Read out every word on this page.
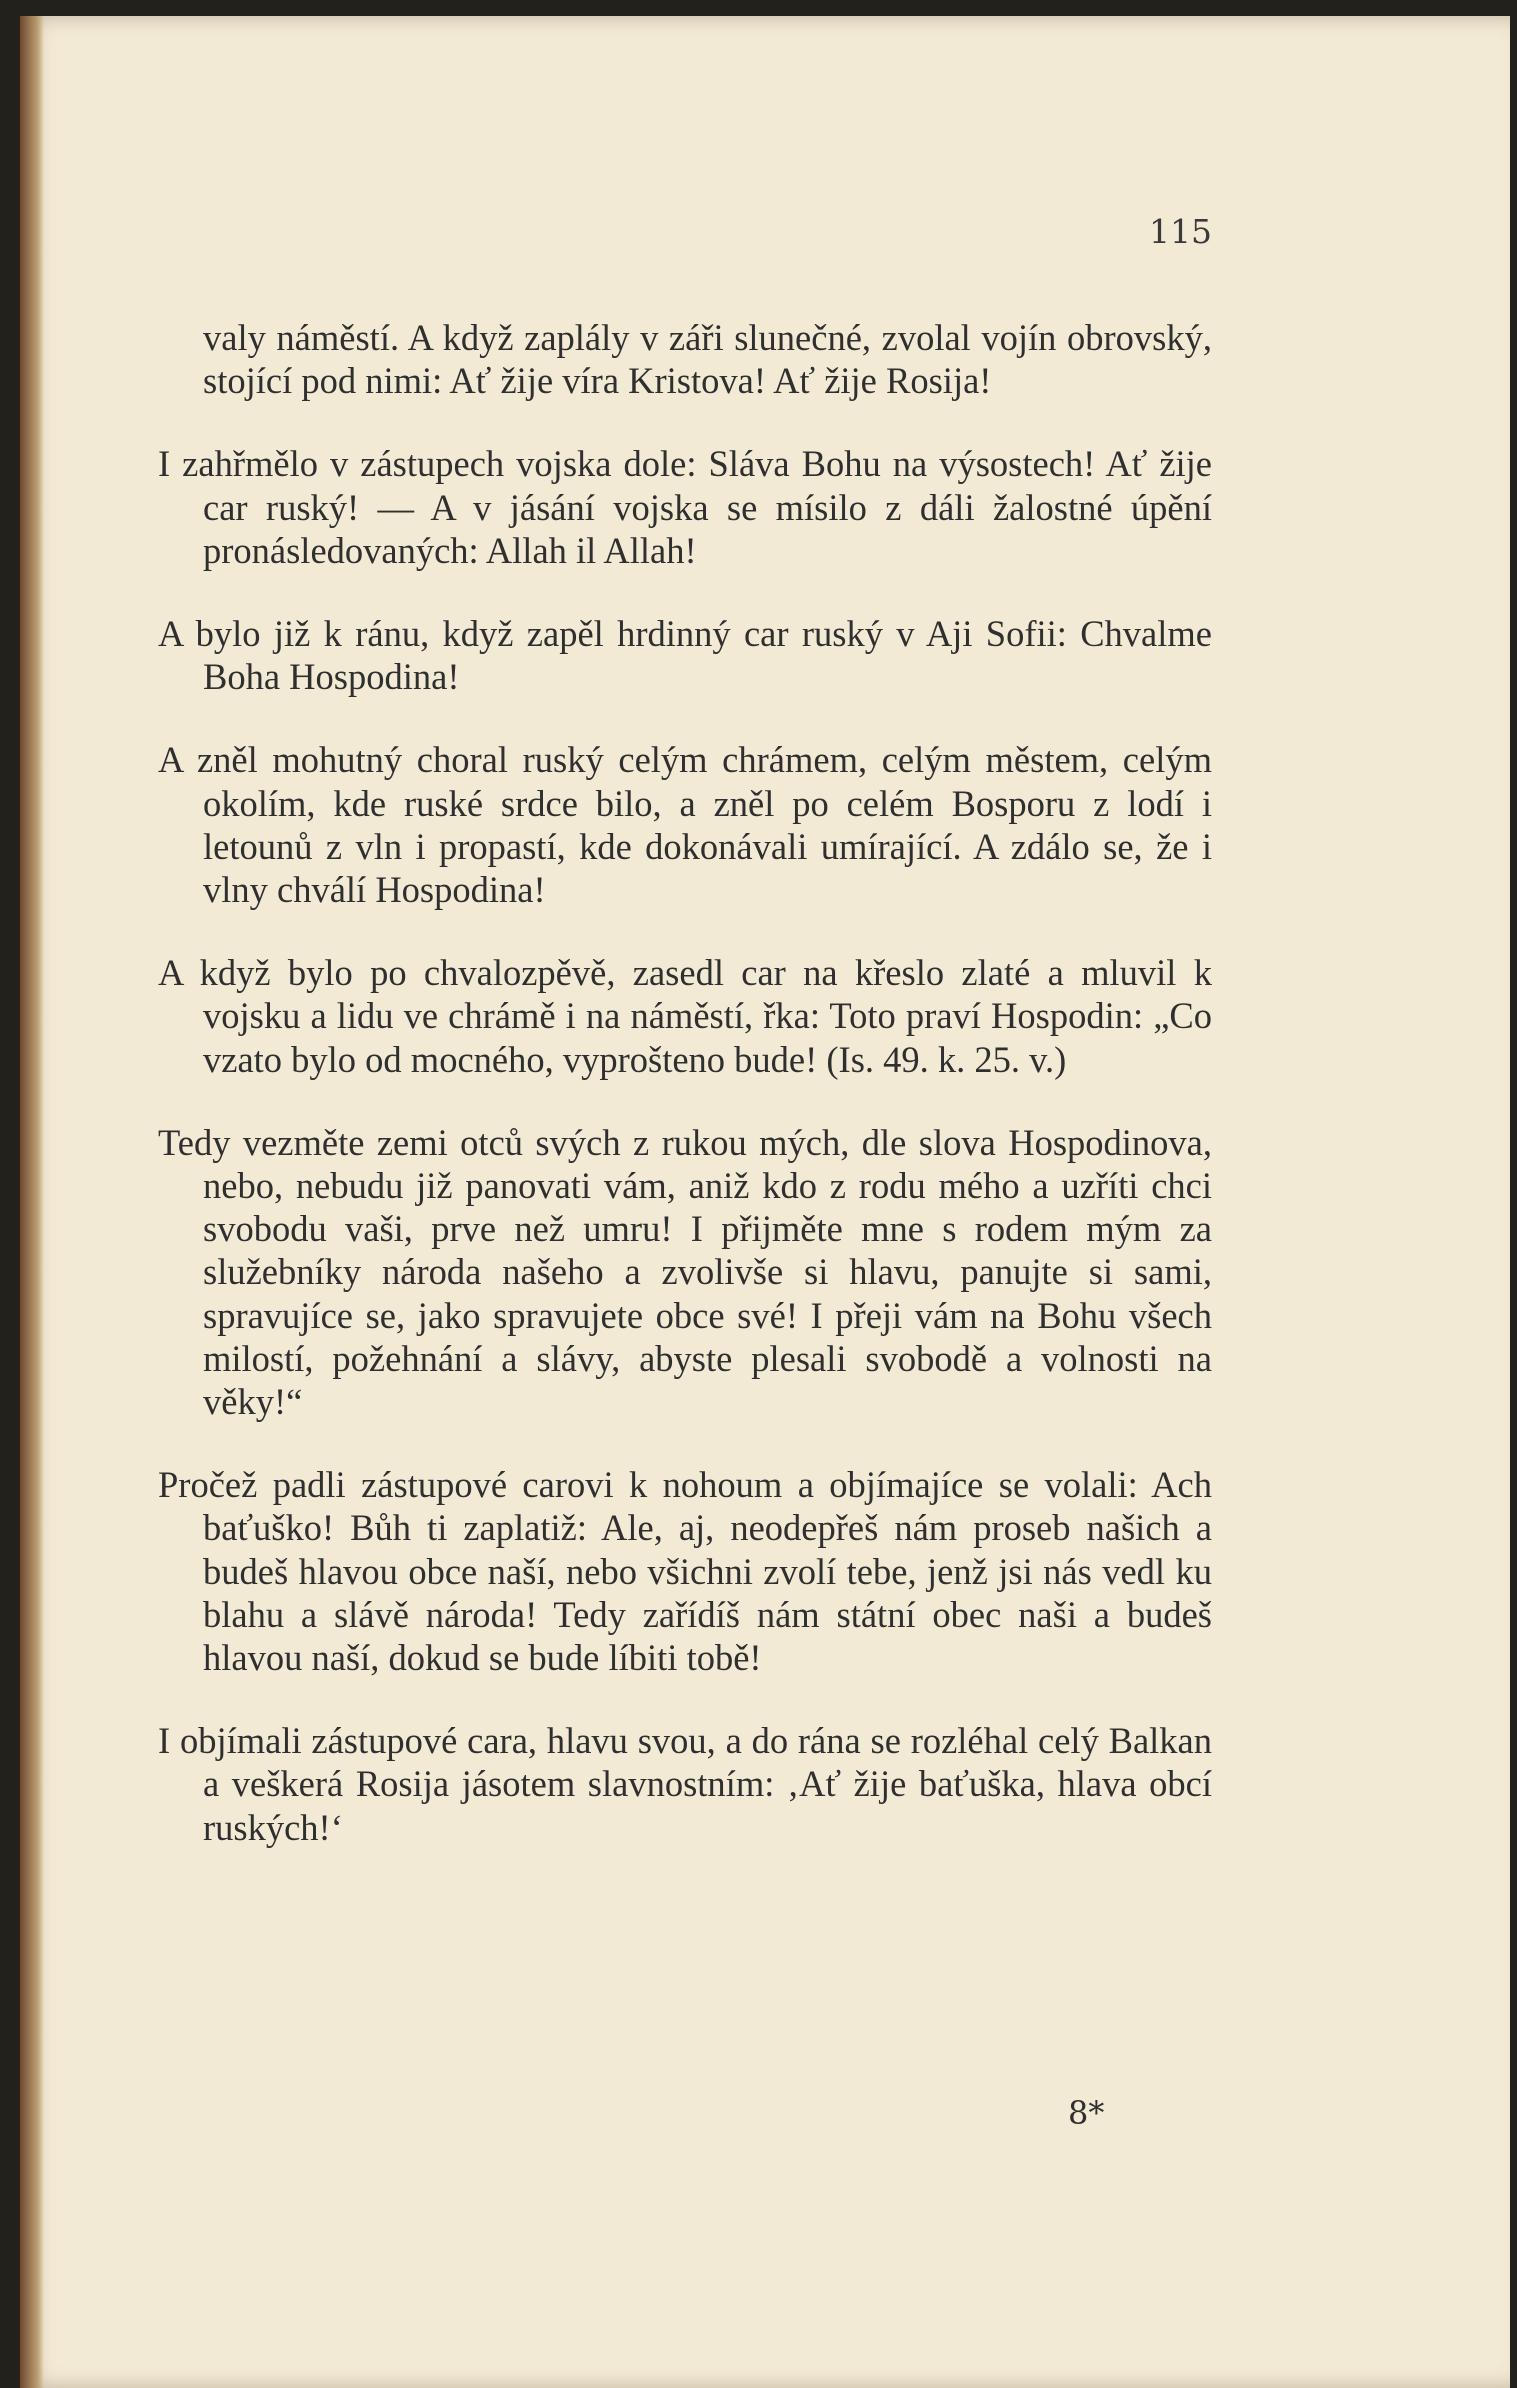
115

valy náměstí. A když zaplály v záři slunečné, zvolal vojín obrovský, stojící pod nimi: Ať žije víra Kristova! Ať žije Rosija!

I zahřmělo v zástupech vojska dole: Sláva Bohu na výsostech! Ať žije car ruský! — A v jásání vojska se mísilo z dáli žalostné úpění pronásledovaných: Allah il Allah!

A bylo již k ránu, když zapěl hrdinný car ruský v Aji Sofii: Chvalme Boha Hospodina!

A zněl mohutný choral ruský celým chrámem, celým městem, celým okolím, kde ruské srdce bilo, a zněl po celém Bosporu z lodí i letounů z vln i propastí, kde dokonávali umírající. A zdálo se, že i vlny chválí Hospodina!

A když bylo po chvalozpěvě, zasedl car na křeslo zlaté a mluvil k vojsku a lidu ve chrámě i na náměstí, řka: Toto praví Hospodin: „Co vzato bylo od mocného, vyprošteno bude! (Is. 49. k. 25. v.)

Tedy vezměte zemi otců svých z rukou mých, dle slova Hospodinova, nebo, nebudu již panovati vám, aniž kdo z rodu mého a uzříti chci svobodu vaši, prve než umru! I přijměte mne s rodem mým za služebníky národa našeho a zvolivše si hlavu, panujte si sami, spravujíce se, jako spravujete obce své! I přeji vám na Bohu všech milostí, požehnání a slávy, abyste plesali svobodě a volnosti na věky!“

Pročež padli zástupové carovi k nohoum a objímajíce se volali: Ach baťuško! Bůh ti zaplatiž: Ale, aj, neodepřeš nám proseb našich a budeš hlavou obce naší, nebo všichni zvolí tebe, jenž jsi nás vedl ku blahu a slávě národa! Tedy zařídíš nám státní obec naši a budeš hlavou naší, dokud se bude líbiti tobě!

I objímali zástupové cara, hlavu svou, a do rána se rozléhal celý Balkan a veškerá Rosija jásotem slavnostním: ‚Ať žije baťuška, hlava obcí ruských!‘

8*
